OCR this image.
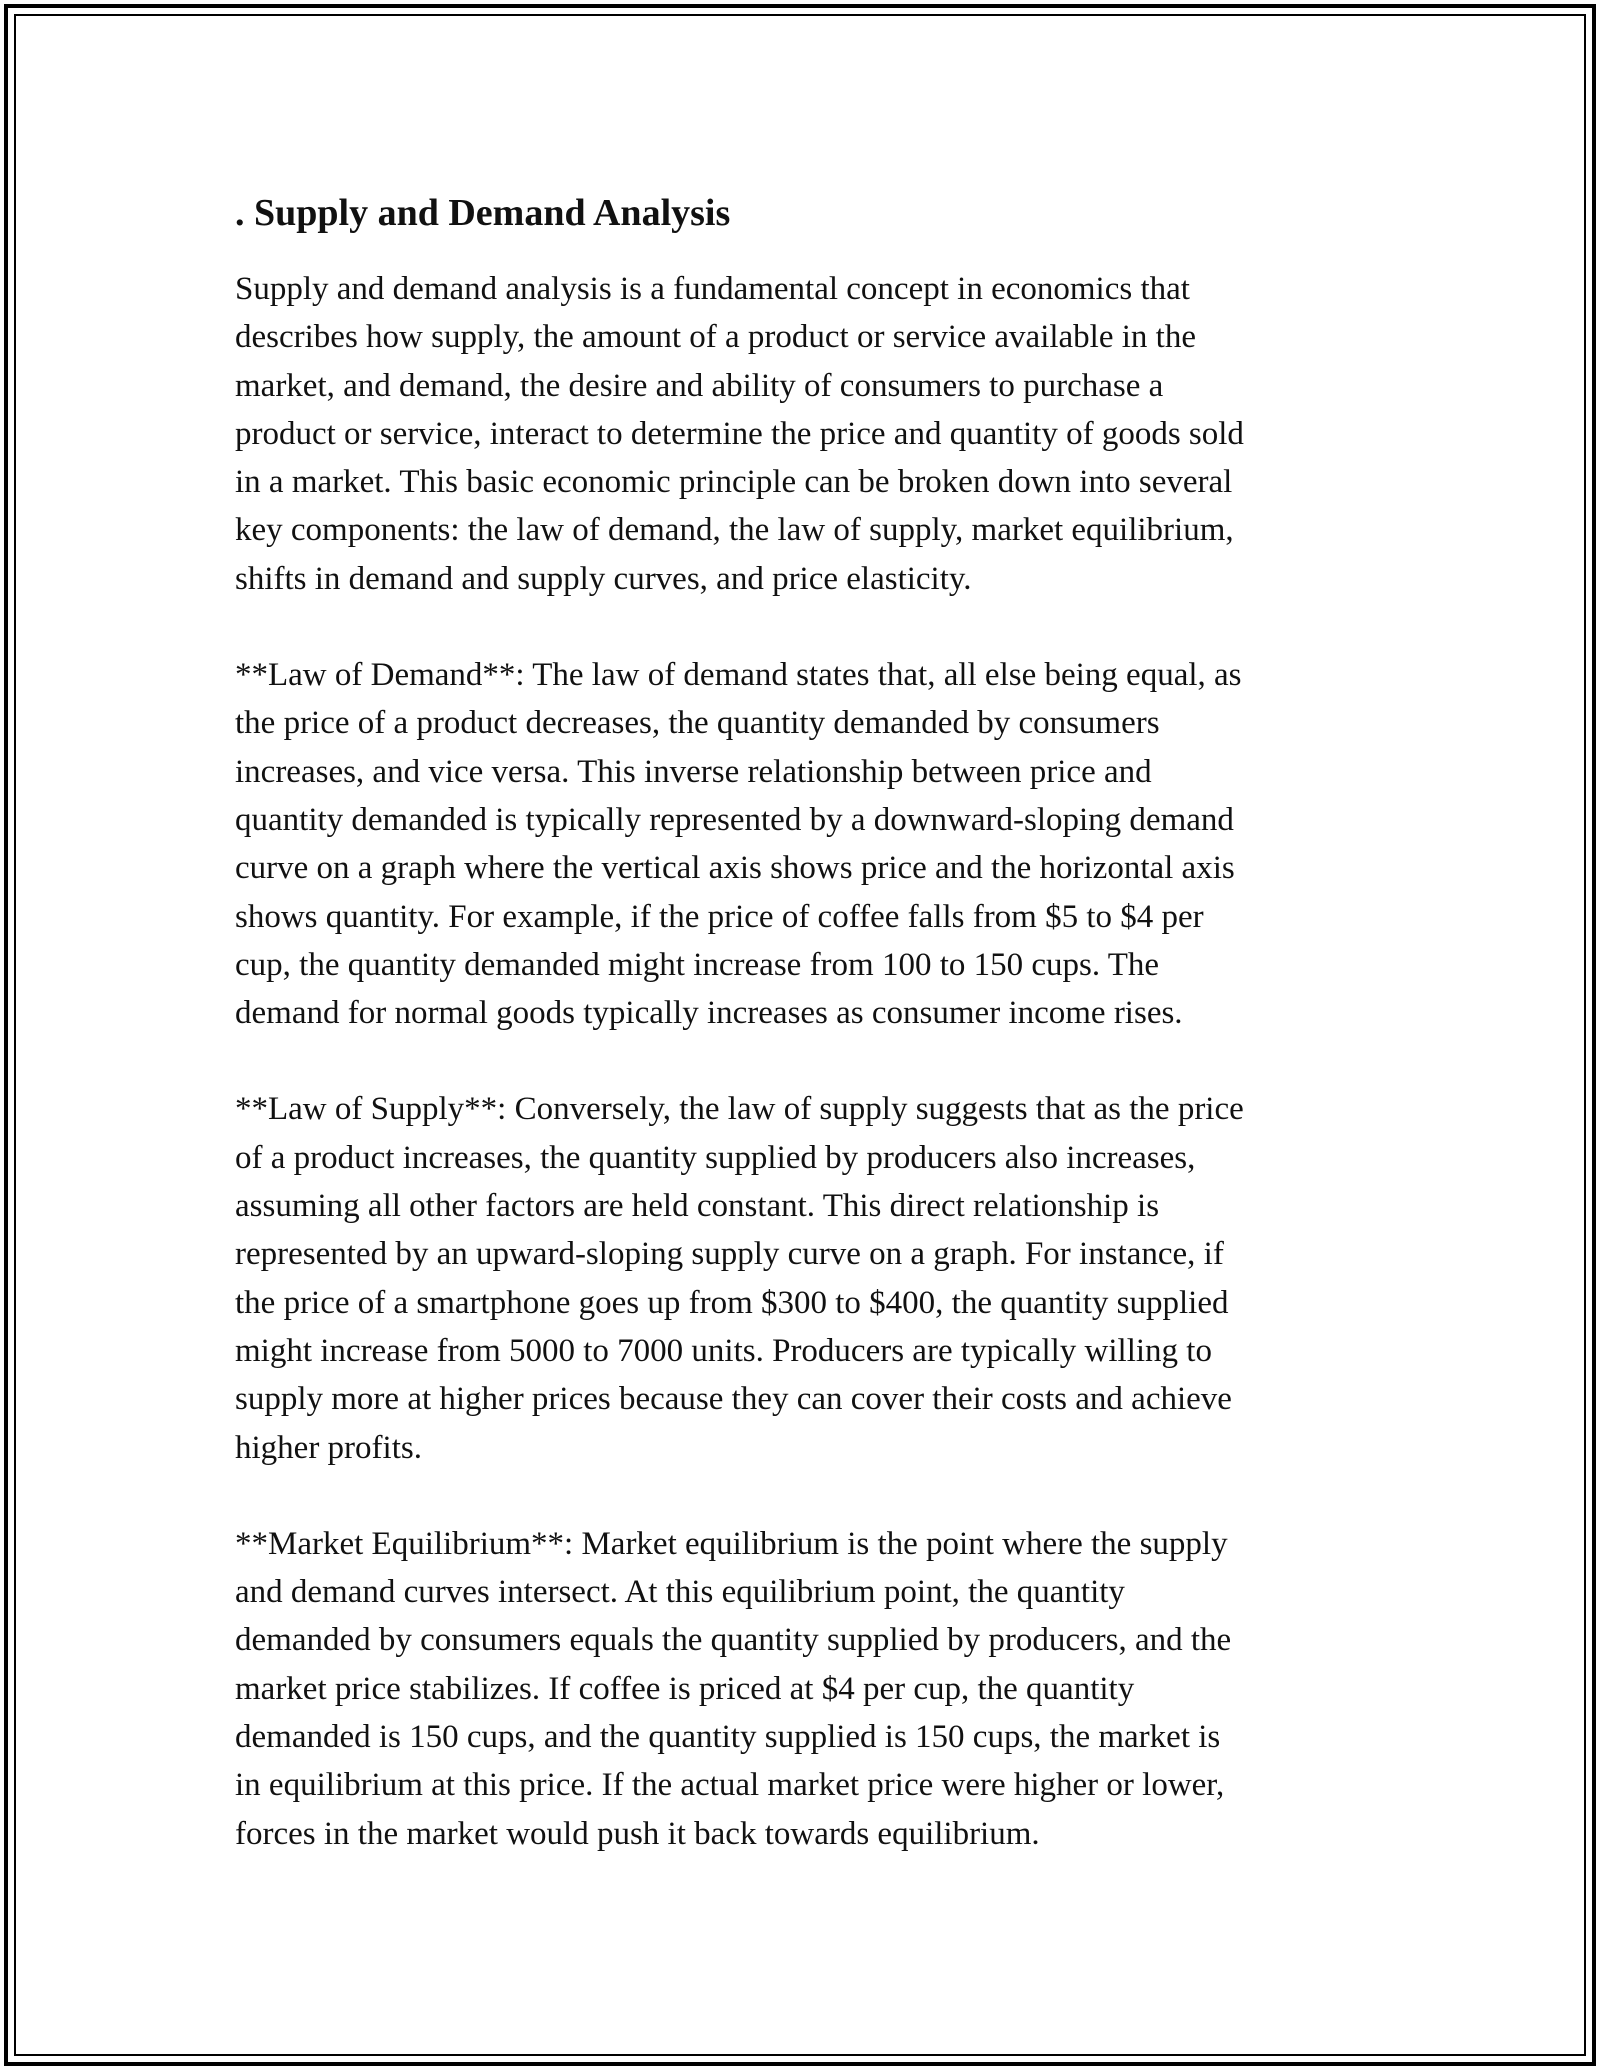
. Supply and Demand Analysis

Supply and demand analysis is a fundamental concept in economics that
describes how supply, the amount of a product or service available in the
market, and demand, the desire and ability of consumers to purchase a
product or service, interact to determine the price and quantity of goods sold
in a market. This basic economic principle can be broken down into several
key components: the law of demand, the law of supply, market equilibrium,
shifts in demand and supply curves, and price elasticity.

**Law of Demand**: The law of demand states that, all else being equal, as
the price of a product decreases, the quantity demanded by consumers
increases, and vice versa. This inverse relationship between price and
quantity demanded is typically represented by a downward-sloping demand
curve on a graph where the vertical axis shows price and the horizontal axis
shows quantity. For example, if the price of coffee falls from $5 to $4 per
cup, the quantity demanded might increase from 100 to 150 cups. The
demand for normal goods typically increases as consumer income rises.

**Law of Supply**: Conversely, the law of supply suggests that as the price
of a product increases, the quantity supplied by producers also increases,
assuming all other factors are held constant. This direct relationship is
represented by an upward-sloping supply curve on a graph. For instance, if
the price of a smartphone goes up from $300 to $400, the quantity supplied
might increase from 5000 to 7000 units. Producers are typically willing to
supply more at higher prices because they can cover their costs and achieve
higher profits.

**Market Equilibrium**: Market equilibrium is the point where the supply
and demand curves intersect. At this equilibrium point, the quantity
demanded by consumers equals the quantity supplied by producers, and the
market price stabilizes. If coffee is priced at $4 per cup, the quantity
demanded is 150 cups, and the quantity supplied is 150 cups, the market is
in equilibrium at this price. If the actual market price were higher or lower,
forces in the market would push it back towards equilibrium.
